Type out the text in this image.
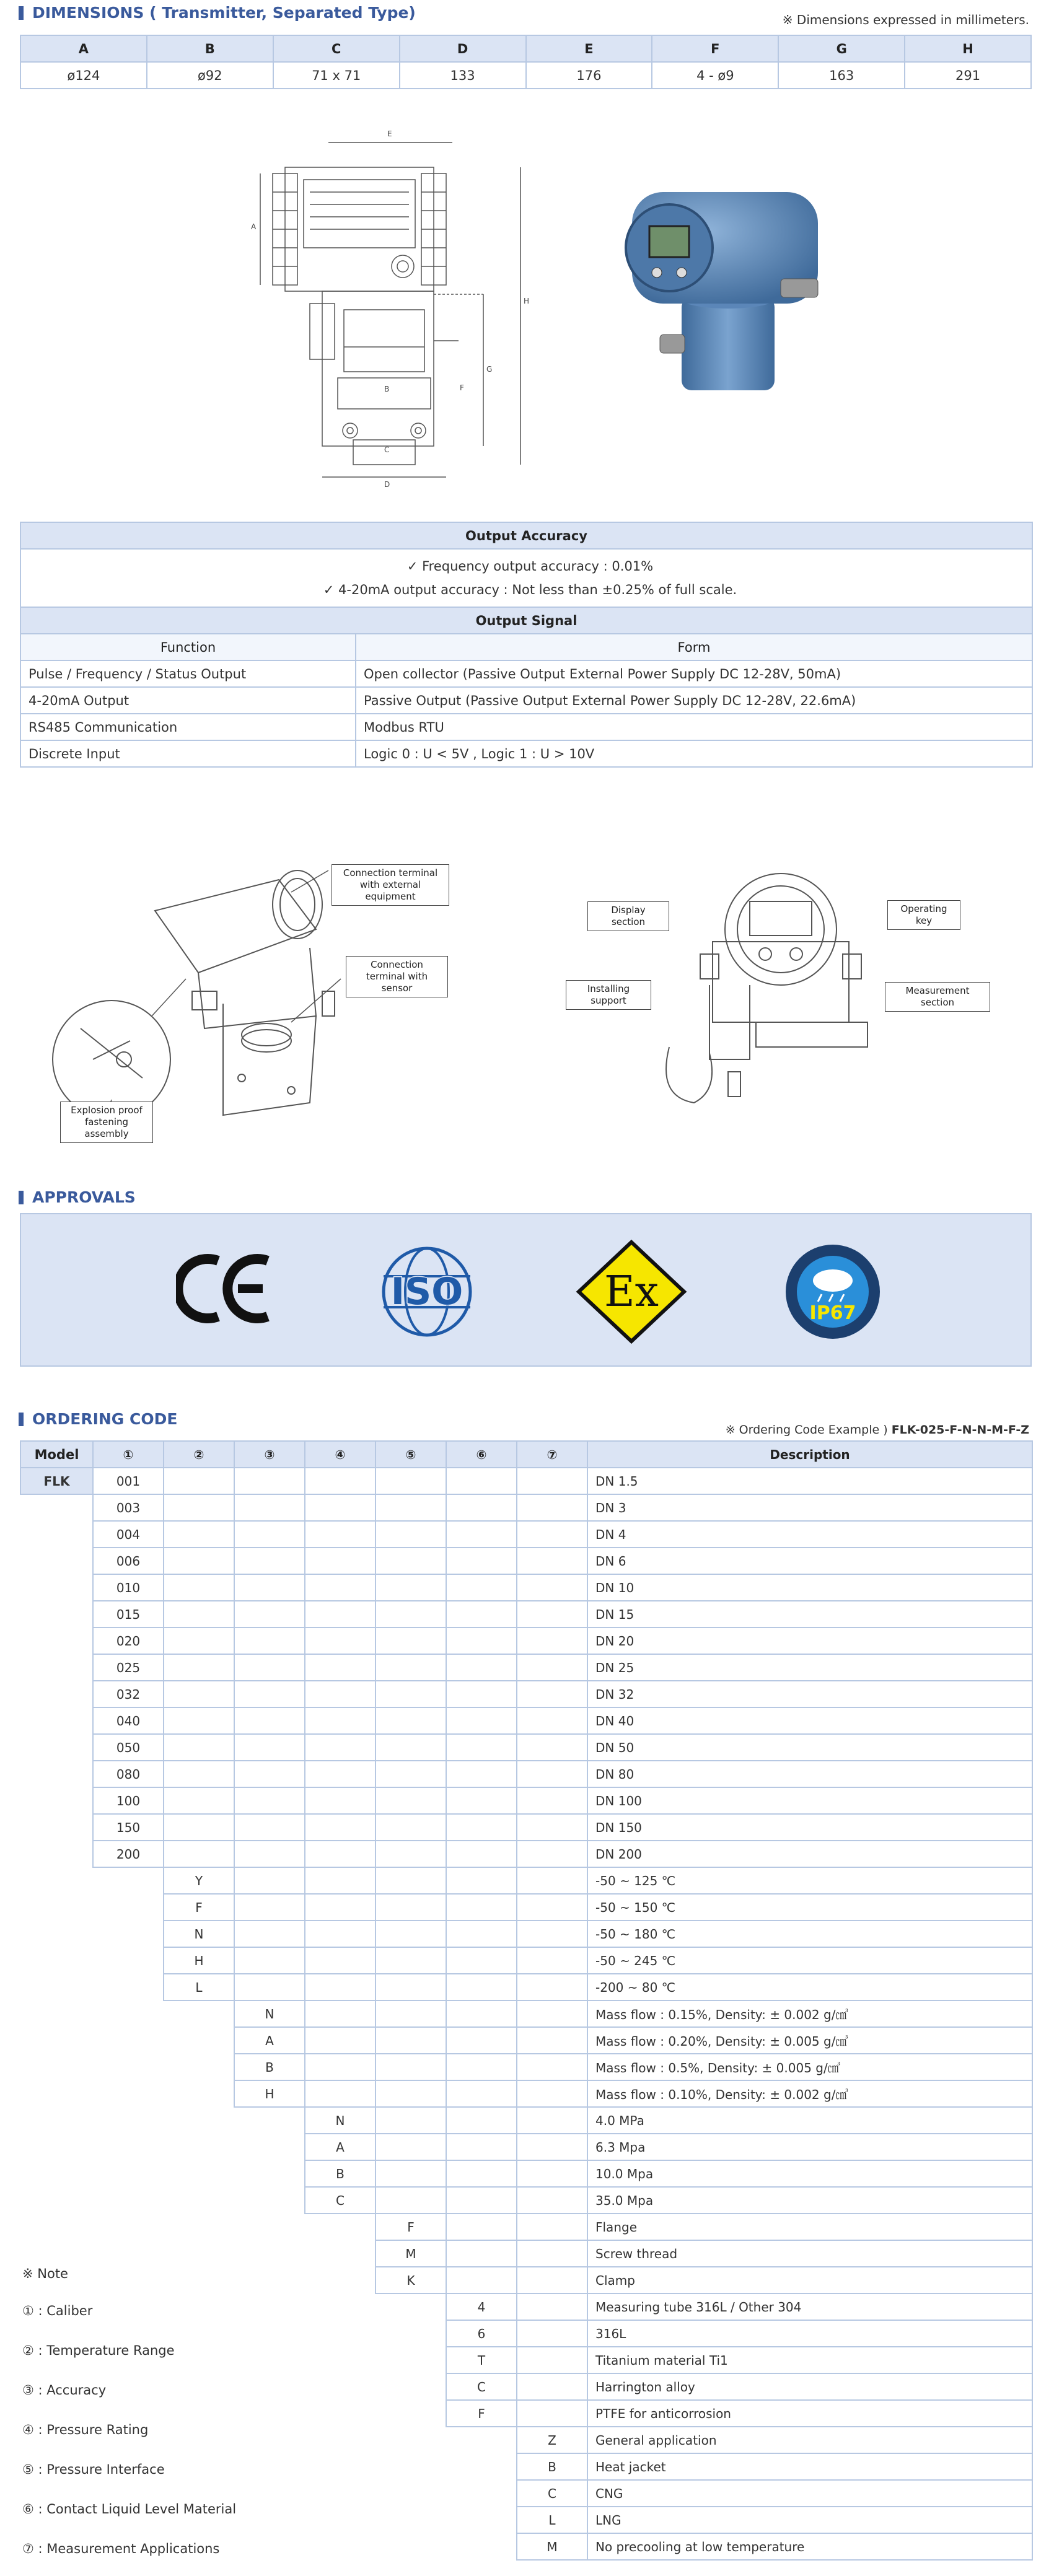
DIMENSIONS ( Transmitter, Separated Type)	※ Dimensions expressed in millimeters.
A	B	C	D	E	F	G	H
ø124	ø92	71 x 71	133	176	4 - ø9	163	291
E
A
H
G
F
B
C
D
Output Accuracy	

✓ Frequency output accuracy : 0.01%
✓ 4-20mA output accuracy : Not less than ±0.25% of full scale.	

Output Signal	
Function	Form
Pulse / Frequency / Status Output	Open collector (Passive Output External Power Supply DC 12-28V, 50mA)
4-20mA Output	Passive Output (Passive Output External Power Supply DC 12-28V, 22.6mA)
RS485 Communication	Modbus RTU
Discrete Input	Logic 0 : U < 5V , Logic 1 : U > 10V
Connection terminal with external equipment
Connection terminal with sensor
Explosion proof fastening assembly
Display section
Operating key
Installing support
Measurement section
APPROVALS
CE
ISO	Ex	IP67
ORDERING CODE
※ Ordering Code Example ) FLK-025-F-N-N-M-F-Z
Model	①	②	③	④	⑤	⑥	⑦	Description
FLK	001							DN 1.5
	003							DN 3
	004							DN 4
	006							DN 6
	010							DN 10
	015							DN 15
	020							DN 20
	025							DN 25
	032							DN 32
	040							DN 40
	050							DN 50
	080							DN 80
	100							DN 100
	150							DN 150
	200							DN 200
		Y						-50 ~ 125 ℃
		F						-50 ~ 150 ℃
		N						-50 ~ 180 ℃
		H						-50 ~ 245 ℃
		L						-200 ~ 80 ℃
			N					Mass flow : 0.15%, Density: ± 0.002 g/㎤
			A					Mass flow : 0.20%, Density: ± 0.005 g/㎤
			B					Mass flow : 0.5%, Density: ± 0.005 g/㎤
			H					Mass flow : 0.10%, Density: ± 0.002 g/㎤
				N				4.0 MPa
				A				6.3 Mpa
				B				10.0 Mpa
				C				35.0 Mpa
					F			Flange
					M			Screw thread
					K			Clamp
						4		Measuring tube 316L / Other 304
						6		316L
						T		Titanium material Ti1
						C		Harrington alloy
						F		PTFE for anticorrosion
							Z	General application
							B	Heat jacket
							C	CNG
							L	LNG
							M	No precooling at low temperature
※ Note
① : Caliber
② : Temperature Range
③ : Accuracy
④ : Pressure Rating
⑤ : Pressure Interface
⑥ : Contact Liquid Level Material
⑦ : Measurement Applications
